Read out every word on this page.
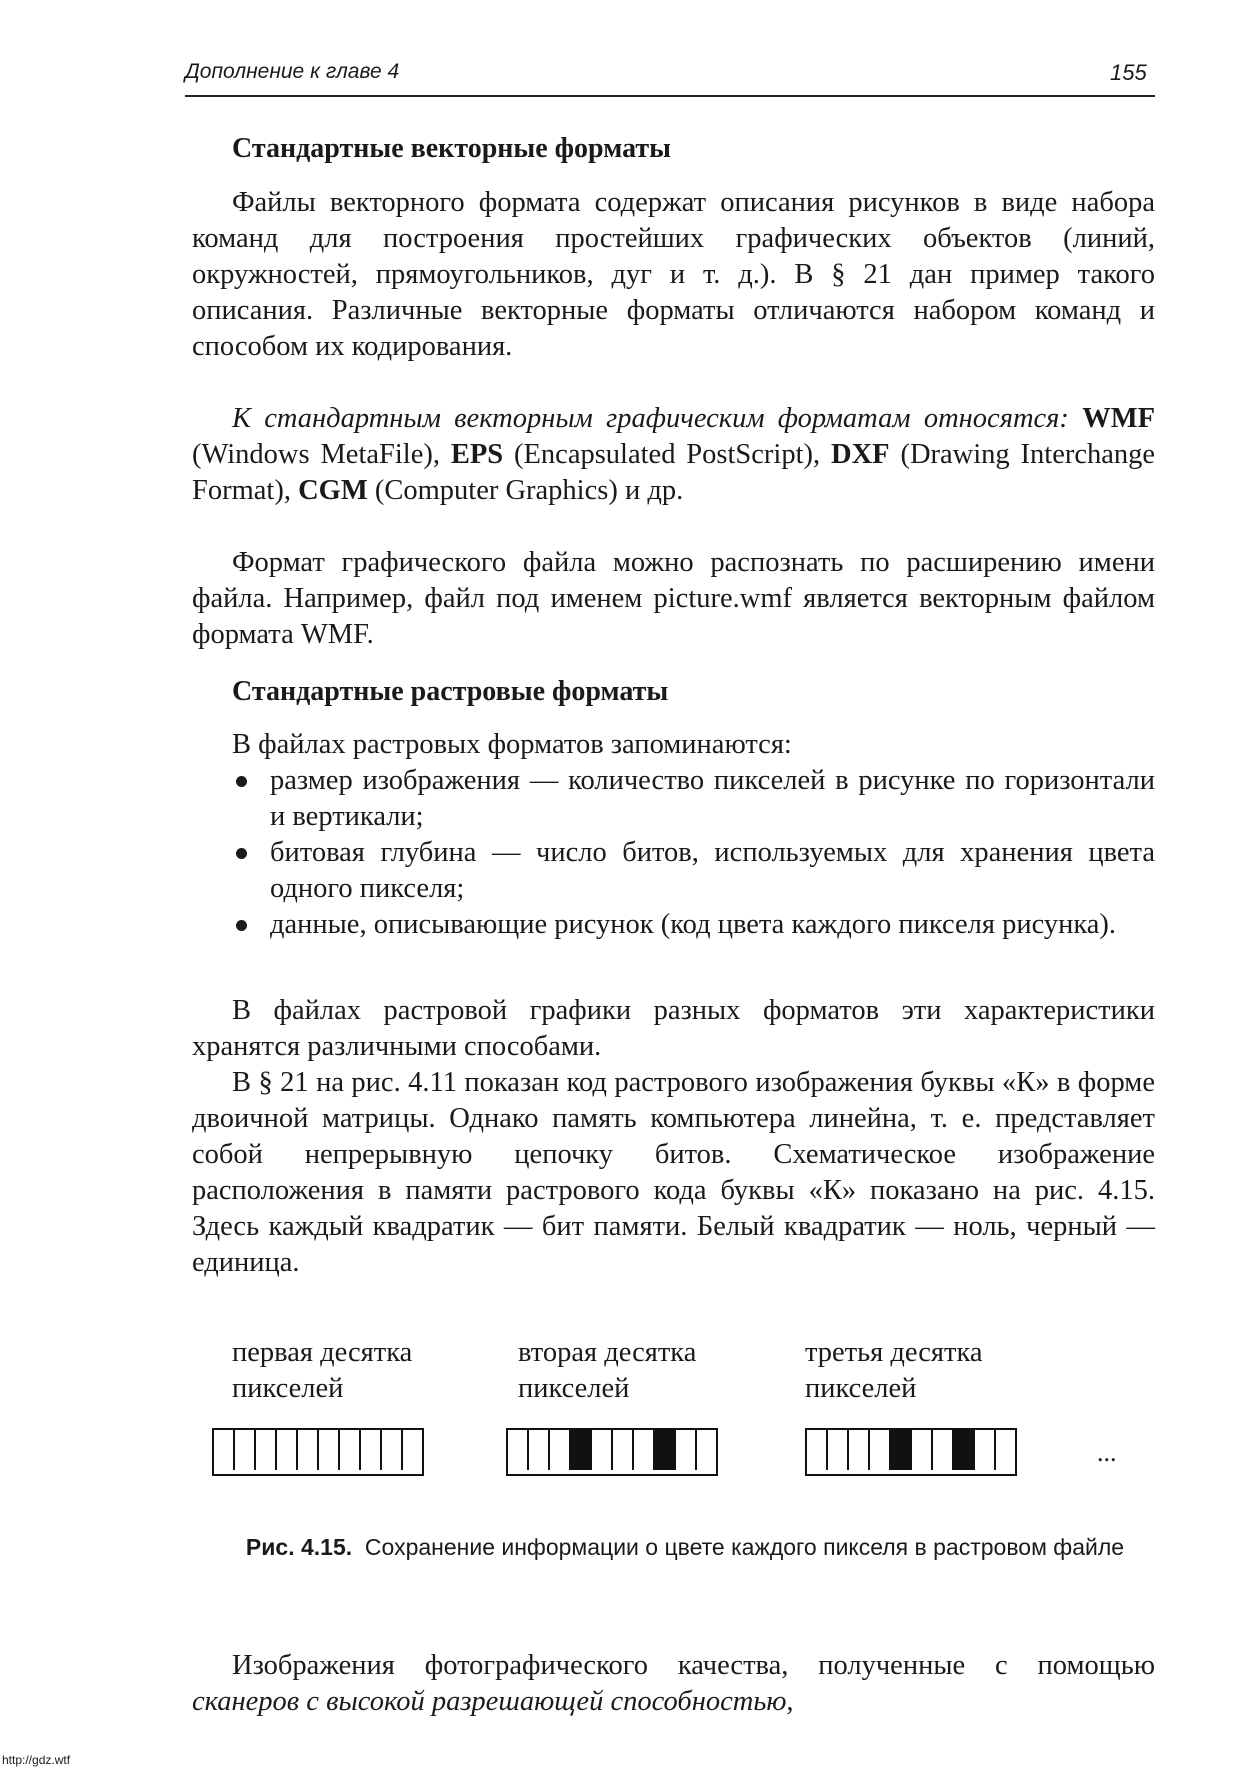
Дополнение к главе 4	155
Стандартные векторные форматы

Файлы векторного формата содержат описания рисунков в виде набора команд для построения простейших графических объектов (линий, окружностей, прямоугольников, дуг и т. д.). В § 21 дан пример такого описания. Различные векторные форматы отличаются набором команд и способом их кодирования.

К стандартным векторным графическим форматам относятся: WMF (Windows MetaFile), EPS (Encapsulated PostScript), DXF (Drawing Interchange Format), CGM (Computer Graphics) и др.

Формат графического файла можно распознать по расширению имени файла. Например, файл под именем picture.wmf является векторным файлом формата WMF.

Стандартные растровые форматы

В файлах растровых форматов запоминаются:

размер изображения — количество пикселей в рисунке по горизонтали и вертикали;
битовая глубина — число битов, используемых для хранения цвета одного пикселя;
данные, описывающие рисунок (код цвета каждого пикселя рисунка).

В файлах растровой графики разных форматов эти характеристики хранятся различными способами.

В § 21 на рис. 4.11 показан код растрового изображения буквы «К» в форме двоичной матрицы. Однако память компьютера линейна, т. е. представляет собой непрерывную цепочку битов. Схематическое изображение расположения в памяти растрового кода буквы «К» показано на рис. 4.15. Здесь каждый квадратик — бит памяти. Белый квадратик — ноль, черный — единица.

первая десятка
пикселей
вторая десятка
пикселей
третья десятка
пикселей
...
Рис. 4.15. Сохранение информации о цвете каждого пикселя в растровом файле

Изображения фотографического качества, полученные с помощью сканеров с высокой разрешающей способностью,

http://gdz.wtf
